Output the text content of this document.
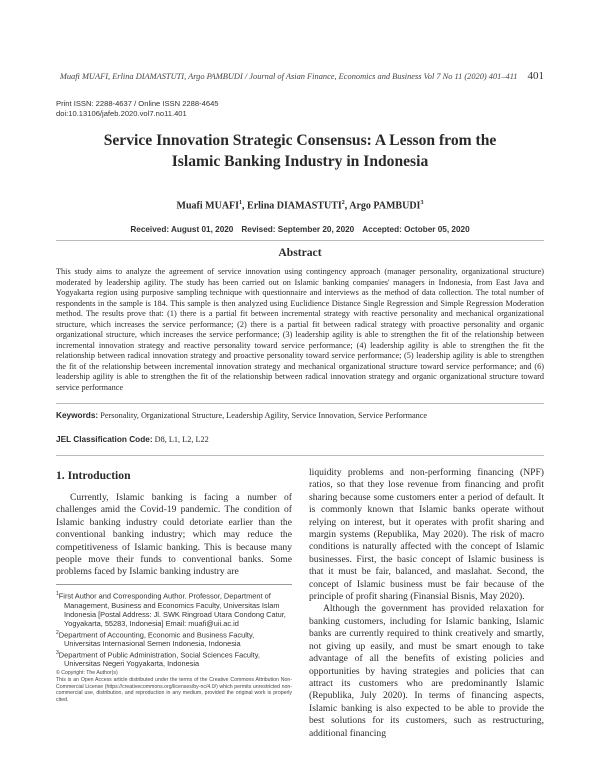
Muafi MUAFI, Erlina DIAMASTUTI, Argo PAMBUDI / Journal of Asian Finance, Economics and Business Vol 7 No 11 (2020) 401–411 401
Print ISSN: 2288-4637 / Online ISSN 2288-4645
doi:10.13106/jafeb.2020.vol7.no11.401
Service Innovation Strategic Consensus: A Lesson from the
Islamic Banking Industry in Indonesia
Muafi MUAFI$^1$, Erlina DIAMASTUTI$^2$, Argo PAMBUDI$^3$
Received: August 01, 2020 Revised: September 20, 2020 Accepted: October 05, 2020
Abstract
This study aims to analyze the agreement of service innovation using contingency approach (manager personality, organizational structure) moderated by leadership agility. The study has been carried out on Islamic banking companies' managers in Indonesia, from East Java and Yogyakarta region using purposive sampling technique with questionnaire and interviews as the method of data collection. The total number of respondents in the sample is 184. This sample is then analyzed using Euclidience Distance Single Regression and Simple Regression Moderation method. The results prove that: (1) there is a partial fit between incremental strategy with reactive personality and mechanical organizational structure, which increases the service performance; (2) there is a partial fit between radical strategy with proactive personality and organic organizational structure, which increases the service performance; (3) leadership agility is able to strengthen the fit of the relationship between incremental innovation strategy and reactive personality toward service performance; (4) leadership agility is able to strengthen the fit the relationship between radical innovation strategy and proactive personality toward service performance; (5) leadership agility is able to strengthen the fit of the relationship between incremental innovation strategy and mechanical organizational structure toward service performance; and (6) leadership agility is able to strengthen the fit of the relationship between radical innovation strategy and organic organizational structure toward service performance
Keywords: Personality, Organizational Structure, Leadership Agility, Service Innovation, Service Performance
JEL Classification Code: D8, L1, L2, L22
1. Introduction

Currently, Islamic banking is facing a number of challenges amid the Covid-19 pandemic. The condition of Islamic banking industry could detoriate earlier than the conventional banking industry; which may reduce the competitiveness of Islamic banking. This is because many people move their funds to conventional banks. Some problems faced by Islamic banking industry are

liquidity problems and non-performing financing (NPF) ratios, so that they lose revenue from financing and profit sharing because some customers enter a period of default. It is commonly known that Islamic banks operate without relying on interest, but it operates with profit sharing and margin systems (Republika, May 2020). The risk of macro conditions is naturally affected with the concept of Islamic businesses. First, the basic concept of Islamic business is that it must be fair, balanced, and maslahat. Second, the concept of Islamic business must be fair because of the principle of profit sharing (Finansial Bisnis, May 2020).

Although the government has provided relaxation for banking customers, including for Islamic banking, Islamic banks are currently required to think creatively and smartly, not giving up easily, and must be smart enough to take advantage of all the benefits of existing policies and opportunities by having strategies and policies that can attract its customers who are predominantly Islamic (Republika, July 2020). In terms of financing aspects, Islamic banking is also expected to be able to provide the best solutions for its customers, such as restructuring, additional financing

$^1$First Author and Corresponding Author. Professor, Department of Management, Business and Economics Faculty, Universitas Islam Indonesia [Postal Address: Jl. SWK Ringroad Utara Condong Catur, Yogyakarta, 55283, Indonesia] Email: muafi@uii.ac.id
$^2$Department of Accounting, Economic and Business Faculty, Universitas Internasional Semen Indonesia, Indonesia
$^3$Department of Public Administration, Social Sciences Faculty, Universitas Negeri Yogyakarta, Indonesia
© Copyright: The Author(s)
This is an Open Access article distributed under the terms of the Creative Commons Attribution Non-Commercial License (https://creativecommons.org/licenses/by-nc/4.0/) which permits unrestricted non-commercial use, distribution, and reproduction in any medium, provided the original work is properly cited.
